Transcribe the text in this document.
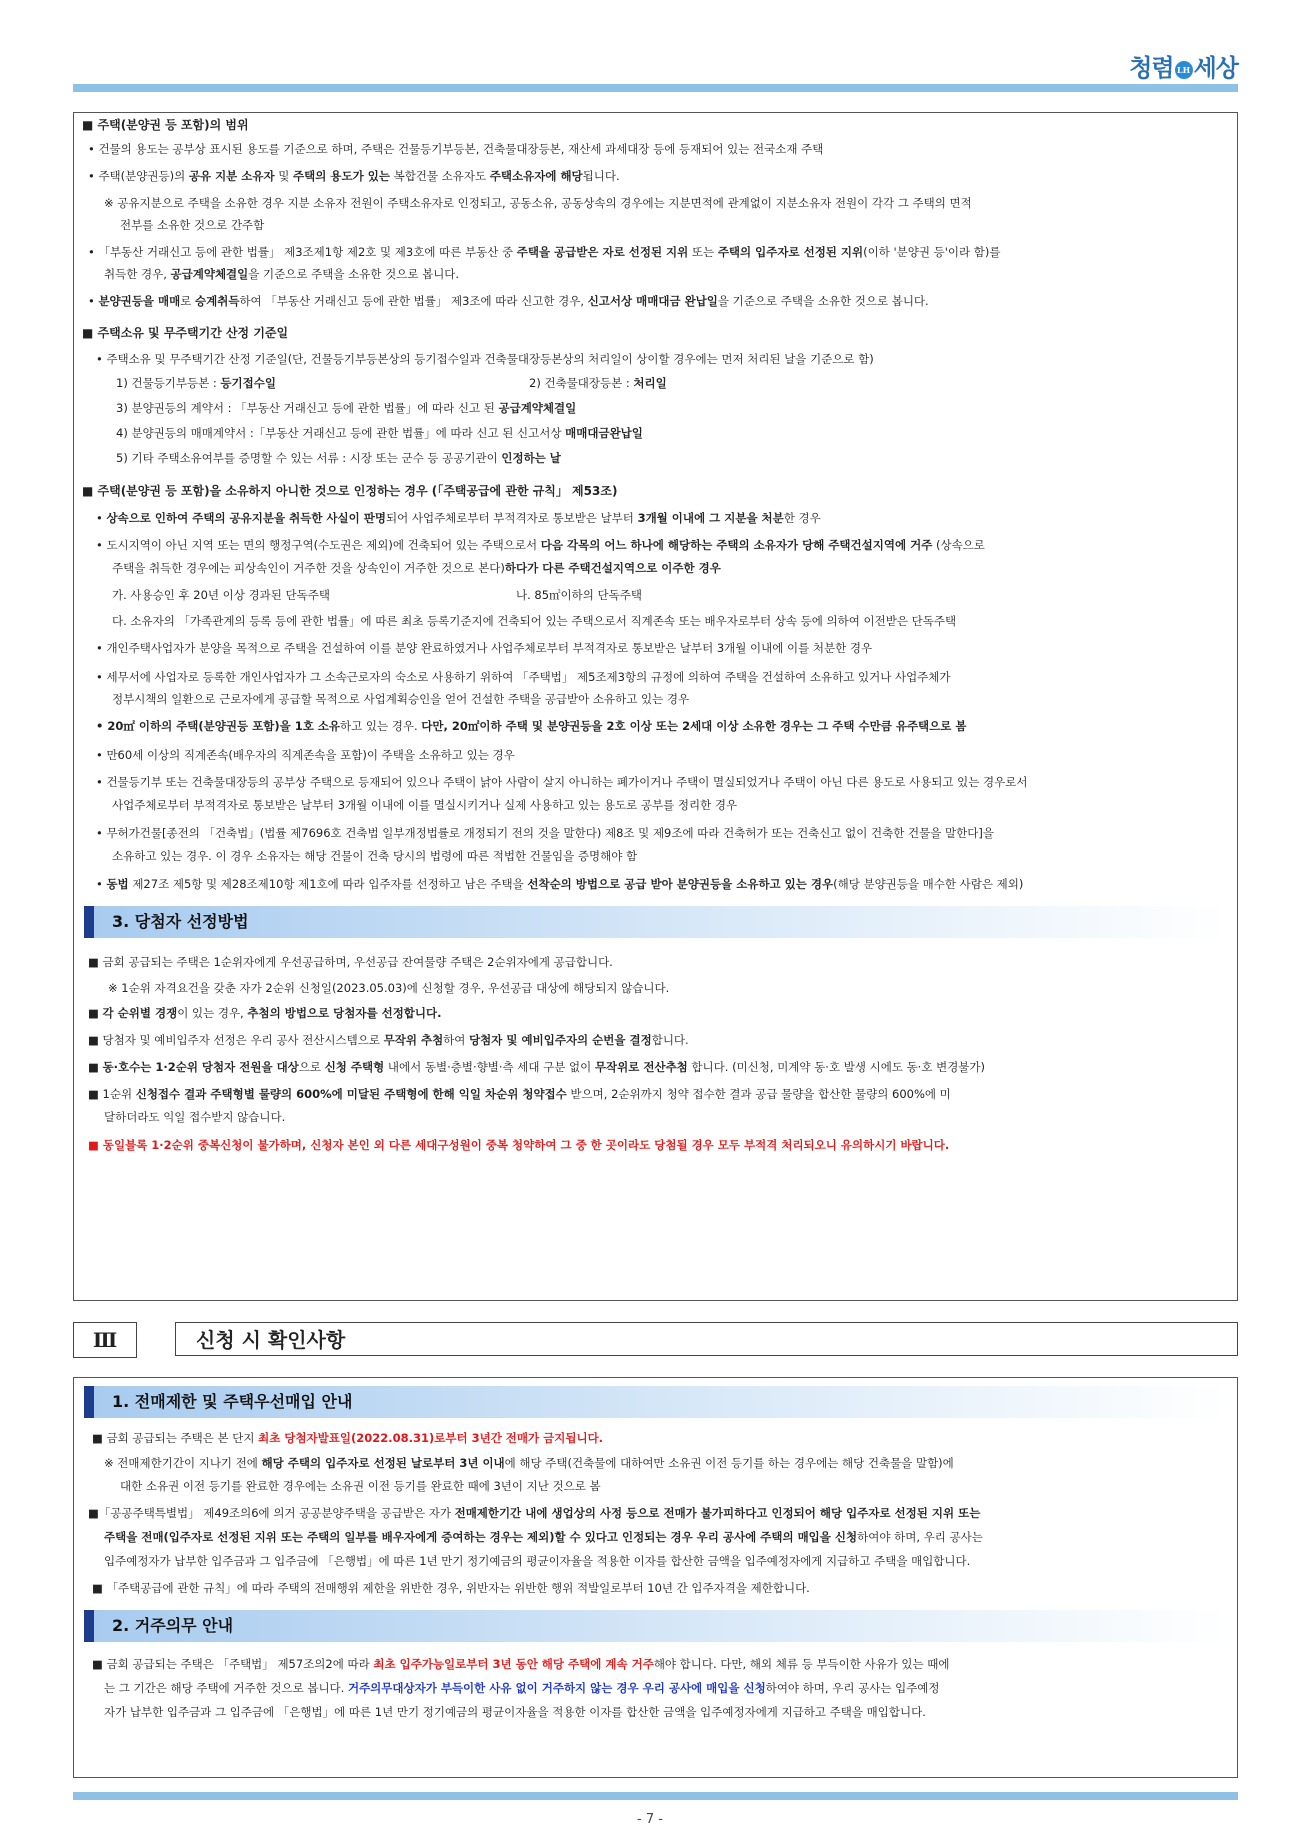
청렴 LH 세상
■ 주택(분양권 등 포함)의 범위
• 건물의 용도는 공부상 표시된 용도를 기준으로 하며, 주택은 건물등기부등본, 건축물대장등본, 재산세 과세대장 등에 등재되어 있는 전국소재 주택
• 주택(분양권등)의 공유 지분 소유자 및 주택의 용도가 있는 복합건물 소유자도 주택소유자에 해당됩니다.
※ 공유지분으로 주택을 소유한 경우 지분 소유자 전원이 주택소유자로 인정되고, 공동소유, 공동상속의 경우에는 지분면적에 관계없이 지분소유자 전원이 각각 그 주택의 면적
전부를 소유한 것으로 간주함
• 「부동산 거래신고 등에 관한 법률」 제3조제1항 제2호 및 제3호에 따른 부동산 중 주택을 공급받은 자로 선정된 지위 또는 주택의 입주자로 선정된 지위(이하 '분양권 등'이라 함)를
취득한 경우, 공급계약체결일을 기준으로 주택을 소유한 것으로 봅니다.
• 분양권등을 매매로 승계취득하여 「부동산 거래신고 등에 관한 법률」 제3조에 따라 신고한 경우, 신고서상 매매대금 완납일을 기준으로 주택을 소유한 것으로 봅니다.
■ 주택소유 및 무주택기간 산정 기준일
• 주택소유 및 무주택기간 산정 기준일(단, 건물등기부등본상의 등기접수일과 건축물대장등본상의 처리일이 상이할 경우에는 먼저 처리된 날을 기준으로 함)
1) 건물등기부등본 : 등기접수일	2) 건축물대장등본 : 처리일
3) 분양권등의 계약서 : 「부동산 거래신고 등에 관한 법률」에 따라 신고 된 공급계약체결일
4) 분양권등의 매매계약서 :「부동산 거래신고 등에 관한 법률」에 따라 신고 된 신고서상 매매대금완납일
5) 기타 주택소유여부를 증명할 수 있는 서류 : 시장 또는 군수 등 공공기관이 인정하는 날
■ 주택(분양권 등 포함)을 소유하지 아니한 것으로 인정하는 경우 (「주택공급에 관한 규칙」 제53조)
• 상속으로 인하여 주택의 공유지분을 취득한 사실이 판명되어 사업주체로부터 부적격자로 통보받은 날부터 3개월 이내에 그 지분을 처분한 경우
• 도시지역이 아닌 지역 또는 면의 행정구역(수도권은 제외)에 건축되어 있는 주택으로서 다음 각목의 어느 하나에 해당하는 주택의 소유자가 당해 주택건설지역에 거주 (상속으로
주택을 취득한 경우에는 피상속인이 거주한 것을 상속인이 거주한 것으로 본다)하다가 다른 주택건설지역으로 이주한 경우
가. 사용승인 후 20년 이상 경과된 단독주택	나. 85㎡이하의 단독주택
다. 소유자의 「가족관계의 등록 등에 관한 법률」에 따른 최초 등록기준지에 건축되어 있는 주택으로서 직계존속 또는 배우자로부터 상속 등에 의하여 이전받은 단독주택
• 개인주택사업자가 분양을 목적으로 주택을 건설하여 이를 분양 완료하였거나 사업주체로부터 부적격자로 통보받은 날부터 3개월 이내에 이를 처분한 경우
• 세무서에 사업자로 등록한 개인사업자가 그 소속근로자의 숙소로 사용하기 위하여 「주택법」 제5조제3항의 규정에 의하여 주택을 건설하여 소유하고 있거나 사업주체가
정부시책의 일환으로 근로자에게 공급할 목적으로 사업계획승인을 얻어 건설한 주택을 공급받아 소유하고 있는 경우
• 20㎡ 이하의 주택(분양권등 포함)을 1호 소유하고 있는 경우. 다만, 20㎡이하 주택 및 분양권등을 2호 이상 또는 2세대 이상 소유한 경우는 그 주택 수만큼 유주택으로 봄
• 만60세 이상의 직계존속(배우자의 직계존속을 포함)이 주택을 소유하고 있는 경우
• 건물등기부 또는 건축물대장등의 공부상 주택으로 등재되어 있으나 주택이 낡아 사람이 살지 아니하는 폐가이거나 주택이 멸실되었거나 주택이 아닌 다른 용도로 사용되고 있는 경우로서
사업주체로부터 부적격자로 통보받은 날부터 3개월 이내에 이를 멸실시키거나 실제 사용하고 있는 용도로 공부를 정리한 경우
• 무허가건물[종전의 「건축법」(법률 제7696호 건축법 일부개정법률로 개정되기 전의 것을 말한다) 제8조 및 제9조에 따라 건축허가 또는 건축신고 없이 건축한 건물을 말한다]을
소유하고 있는 경우. 이 경우 소유자는 해당 건물이 건축 당시의 법령에 따른 적법한 건물임을 증명해야 함
• 동법 제27조 제5항 및 제28조제10항 제1호에 따라 입주자를 선정하고 남은 주택을 선착순의 방법으로 공급 받아 분양권등을 소유하고 있는 경우(해당 분양권등을 매수한 사람은 제외)
3. 당첨자 선정방법
■ 금회 공급되는 주택은 1순위자에게 우선공급하며, 우선공급 잔여물량 주택은 2순위자에게 공급합니다.
※ 1순위 자격요건을 갖춘 자가 2순위 신청일(2023.05.03)에 신청할 경우, 우선공급 대상에 해당되지 않습니다.
■ 각 순위별 경쟁이 있는 경우, 추첨의 방법으로 당첨자를 선정합니다.
■ 당첨자 및 예비입주자 선정은 우리 공사 전산시스템으로 무작위 추첨하여 당첨자 및 예비입주자의 순번을 결정합니다.
■ 동·호수는 1·2순위 당첨자 전원을 대상으로 신청 주택형 내에서 동별·층별·향별·측 세대 구분 없이 무작위로 전산추첨 합니다. (미신청, 미계약 동·호 발생 시에도 동·호 변경불가)
■ 1순위 신청접수 결과 주택형별 물량의 600%에 미달된 주택형에 한해 익일 차순위 청약접수 받으며, 2순위까지 청약 접수한 결과 공급 물량을 합산한 물량의 600%에 미
달하더라도 익일 접수받지 않습니다.
■ 동일블록 1·2순위 중복신청이 불가하며, 신청자 본인 외 다른 세대구성원이 중복 청약하여 그 중 한 곳이라도 당첨될 경우 모두 부적격 처리되오니 유의하시기 바랍니다.
Ⅲ	신청 시 확인사항
1. 전매제한 및 주택우선매입 안내
■ 금회 공급되는 주택은 본 단지 최초 당첨자발표일(2022.08.31)로부터 3년간 전매가 금지됩니다.
※ 전매제한기간이 지나기 전에 해당 주택의 입주자로 선정된 날로부터 3년 이내에 해당 주택(건축물에 대하여만 소유권 이전 등기를 하는 경우에는 해당 건축물을 말함)에
대한 소유권 이전 등기를 완료한 경우에는 소유권 이전 등기를 완료한 때에 3년이 지난 것으로 봄
■「공공주택특별법」 제49조의6에 의거 공공분양주택을 공급받은 자가 전매제한기간 내에 생업상의 사정 등으로 전매가 불가피하다고 인정되어 해당 입주자로 선정된 지위 또는
주택을 전매(입주자로 선정된 지위 또는 주택의 일부를 배우자에게 증여하는 경우는 제외)할 수 있다고 인정되는 경우 우리 공사에 주택의 매입을 신청하여야 하며, 우리 공사는
입주예정자가 납부한 입주금과 그 입주금에 「은행법」에 따른 1년 만기 정기예금의 평균이자율을 적용한 이자를 합산한 금액을 입주예정자에게 지급하고 주택을 매입합니다.
■ 「주택공급에 관한 규칙」에 따라 주택의 전매행위 제한을 위반한 경우, 위반자는 위반한 행위 적발일로부터 10년 간 입주자격을 제한합니다.
2. 거주의무 안내
■ 금회 공급되는 주택은 「주택법」 제57조의2에 따라 최초 입주가능일로부터 3년 동안 해당 주택에 계속 거주해야 합니다. 다만, 해외 체류 등 부득이한 사유가 있는 때에
는 그 기간은 해당 주택에 거주한 것으로 봅니다. 거주의무대상자가 부득이한 사유 없이 거주하지 않는 경우 우리 공사에 매입을 신청하여야 하며, 우리 공사는 입주예정
자가 납부한 입주금과 그 입주금에 「은행법」에 따른 1년 만기 정기예금의 평균이자율을 적용한 이자를 합산한 금액을 입주예정자에게 지급하고 주택을 매입합니다.
- 7 -
